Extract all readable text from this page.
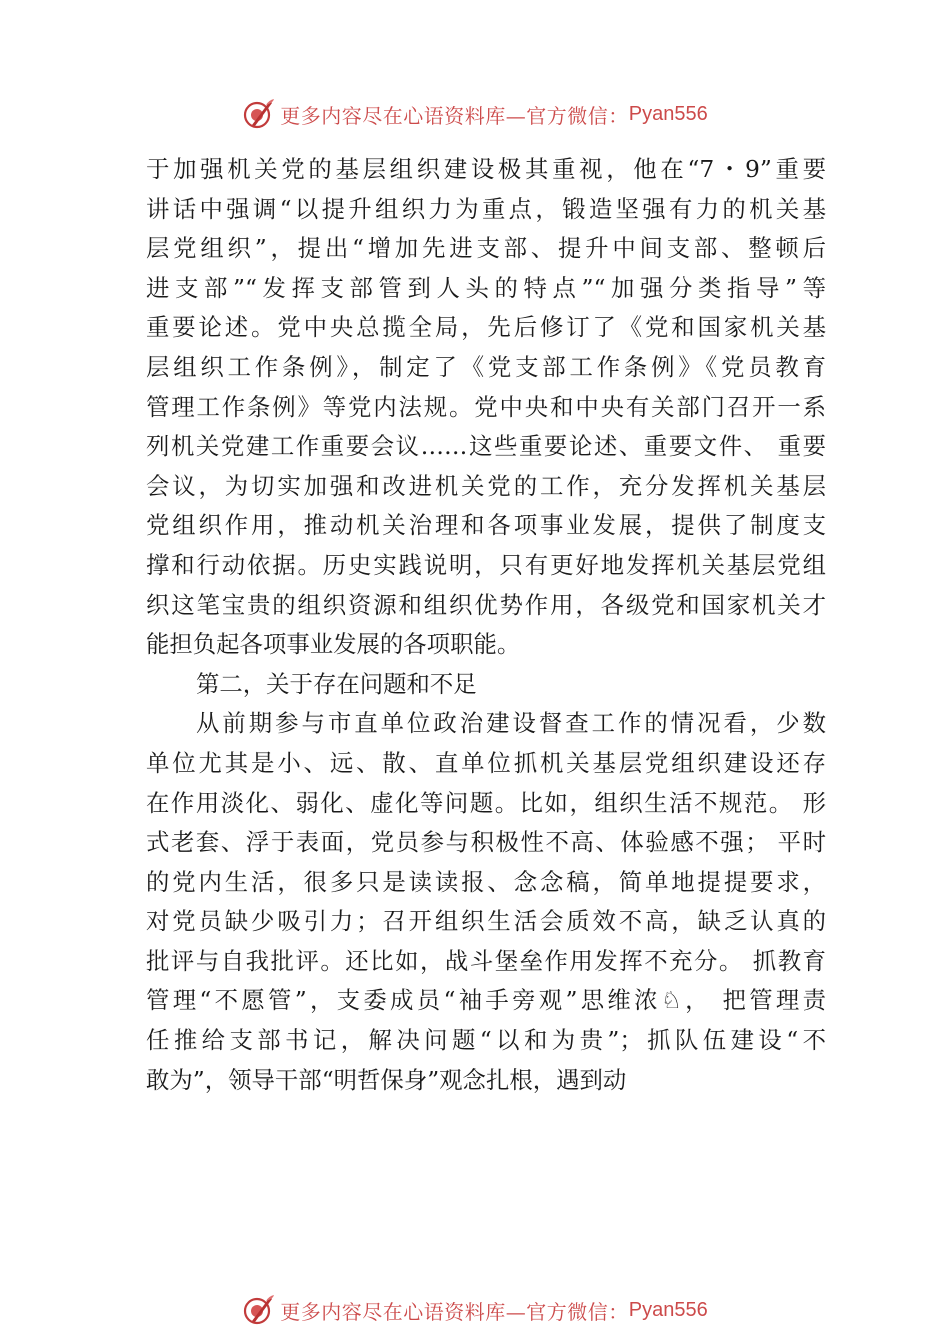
更多内容尽在心语资料库—官方微信： Pyan556
于加强机关党的基层组织建设极其重视，他在“7・9”重要
讲话中强调“以提升组织力为重点，锻造坚强有力的机关基
层党组织”，提出“增加先进支部、提升中间支部、整顿后
进支部”“发挥支部管到人头的特点”“加强分类指导”等
重要论述。党中央总揽全局，先后修订了《党和国家机关基
层组织工作条例》，制定了《党支部工作条例》《党员教育
管理工作条例》等党内法规。党中央和中央有关部门召开一系
列机关党建工作重要会议……这些重要论述、重要文件、 重要
会议，为切实加强和改进机关党的工作，充分发挥机关基层
党组织作用，推动机关治理和各项事业发展，提供了制度支
撑和行动依据。历史实践说明，只有更好地发挥机关基层党组
织这笔宝贵的组织资源和组织优势作用，各级党和国家机关才
能担负起各项事业发展的各项职能。
第二，关于存在问题和不足
从前期参与市直单位政治建设督查工作的情况看，少数
单位尤其是小、远、散、直单位抓机关基层党组织建设还存
在作用淡化、弱化、虚化等问题。比如，组织生活不规范。 形
式老套、浮于表面，党员参与积极性不高、体验感不强； 平时
的党内生活，很多只是读读报、念念稿，简单地提提要求，
对党员缺少吸引力；召开组织生活会质效不高，缺乏认真的
批评与自我批评。还比如，战斗堡垒作用发挥不充分。 抓教育
管理“不愿管”，支委成员“袖手旁观”思维浓♘， 把管理责
任推给支部书记，解决问题“以和为贵”；抓队伍建设“不
敢为”，领导干部“明哲保身”观念扎根，遇到动
更多内容尽在心语资料库—官方微信： Pyan556
